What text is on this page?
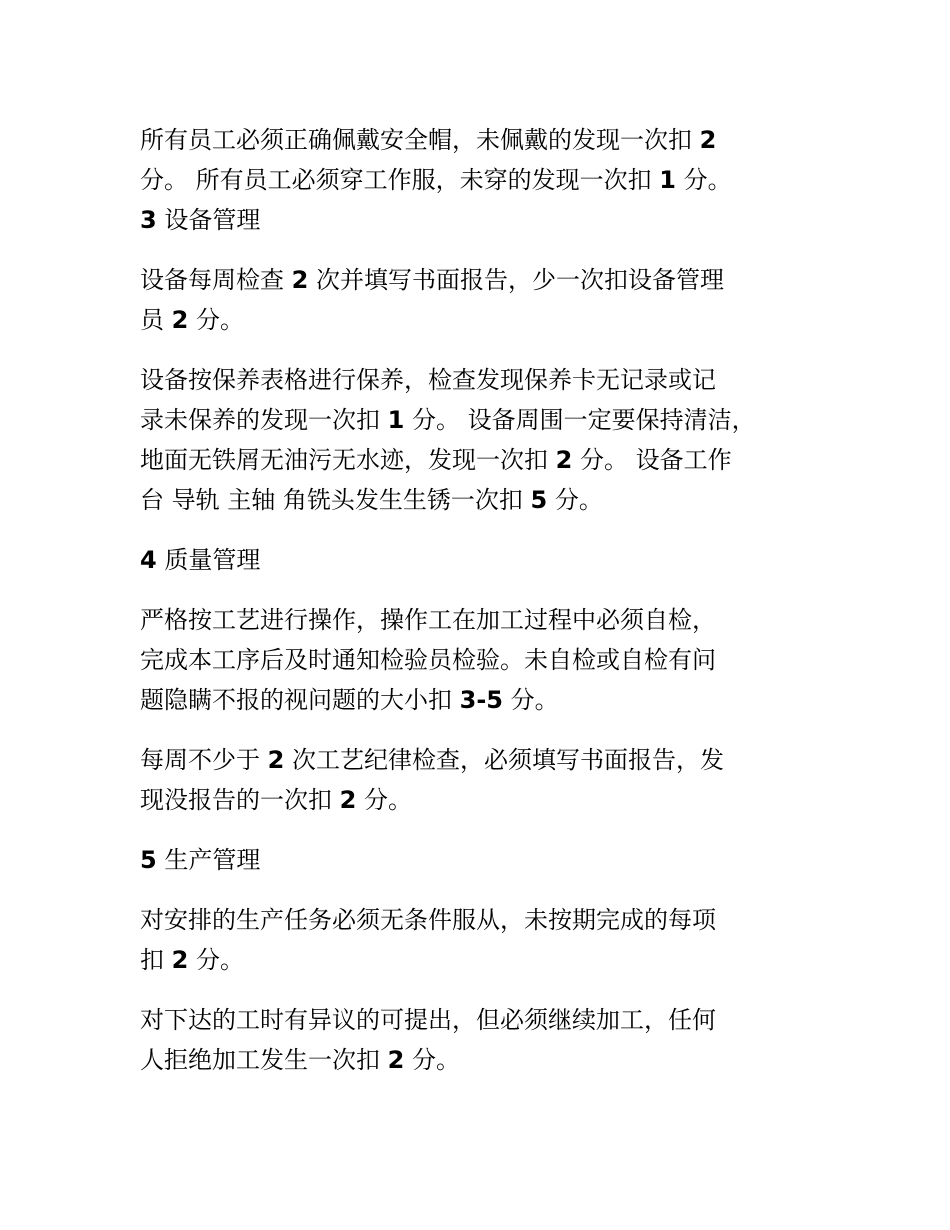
所有员工必须正确佩戴安全帽，未佩戴的发现一次扣 2
分。 所有员工必须穿工作服，未穿的发现一次扣 1 分。
3 设备管理
设备每周检查 2 次并填写书面报告，少一次扣设备管理
员 2 分。
设备按保养表格进行保养，检查发现保养卡无记录或记
录未保养的发现一次扣 1 分。 设备周围一定要保持清洁，
地面无铁屑无油污无水迹，发现一次扣 2 分。 设备工作
台 导轨 主轴 角铣头发生生锈一次扣 5 分。
4 质量管理
严格按工艺进行操作，操作工在加工过程中必须自检，
完成本工序后及时通知检验员检验。未自检或自检有问
题隐瞒不报的视问题的大小扣 3-5 分。
每周不少于 2 次工艺纪律检查，必须填写书面报告，发
现没报告的一次扣 2 分。
5 生产管理
对安排的生产任务必须无条件服从，未按期完成的每项
扣 2 分。
对下达的工时有异议的可提出，但必须继续加工，任何
人拒绝加工发生一次扣 2 分。
